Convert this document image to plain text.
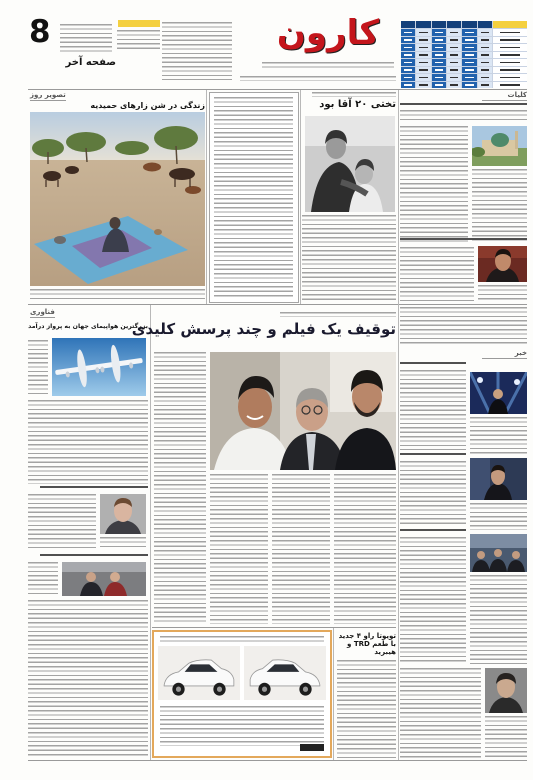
8
صفحه آخر
کارون
کلیات
تختی ۲۰ آقا بود
تصویر روز
زندگی در شن زارهای حمیدیه
خبر
توقیف یک فیلم و چند پرسش کلیدی
فناوری
بزرگترین هواپیمای جهان به پرواز درآمد
تویوتا راو ۴ جدید با طعم TRD و هیبرید
